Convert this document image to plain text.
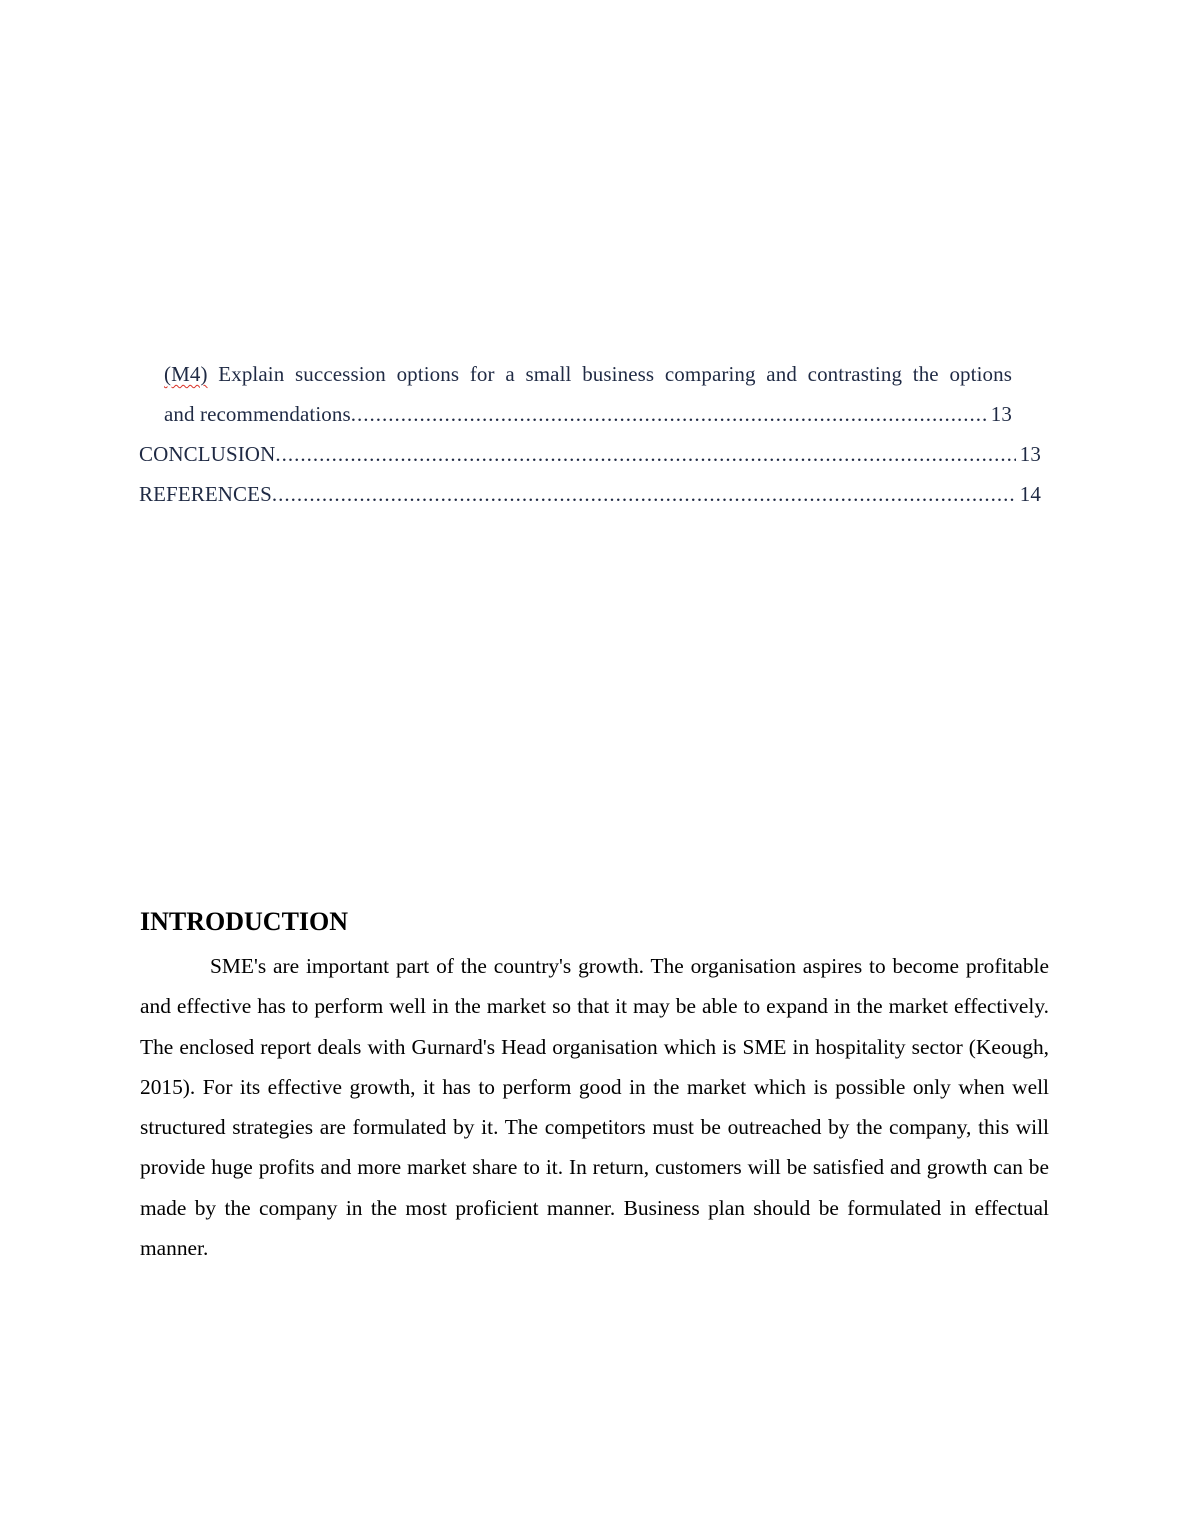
(M4) Explain succession options for a small business comparing and contrasting the options
and recommendations .....	13
CONCLUSION .....	13
REFERENCES .....	14
INTRODUCTION

SME's are important part of the country's growth. The organisation aspires to become profitable and effective has to perform well in the market so that it may be able to expand in the market effectively. The enclosed report deals with Gurnard's Head organisation which is SME in hospitality sector (Keough, 2015). For its effective growth, it has to perform good in the market which is possible only when well structured strategies are formulated by it. The competitors must be outreached by the company, this will provide huge profits and more market share to it. In return, customers will be satisfied and growth can be made by the company in the most proficient manner. Business plan should be formulated in effectual manner.
